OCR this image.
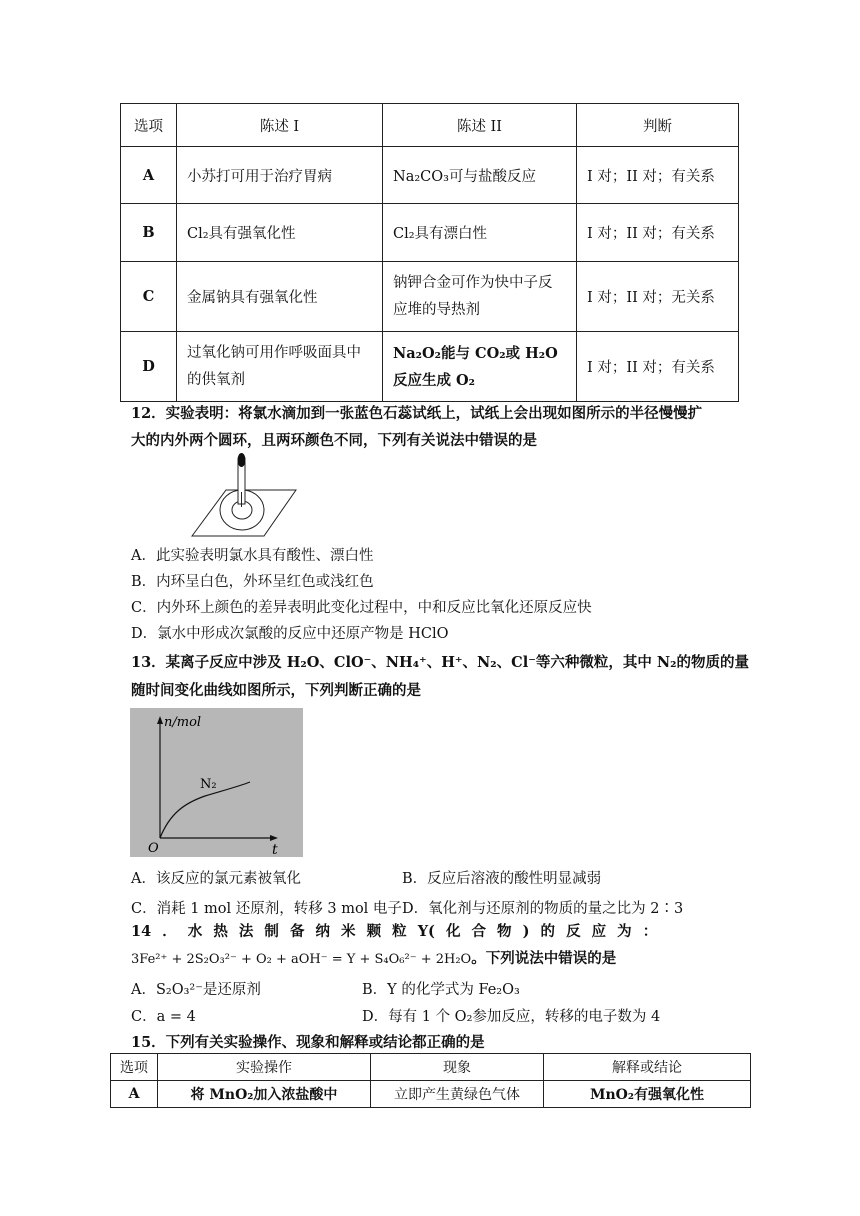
选项	陈述 I	陈述 II	判断
A	小苏打可用于治疗胃病	Na₂CO₃可与盐酸反应	I 对；II 对；有关系
B	Cl₂具有强氧化性	Cl₂具有漂白性	I 对；II 对；有关系
C	金属钠具有强氧化性	钠钾合金可作为快中子反应堆的导热剂	I 对；II 对；无关系
D	过氧化钠可用作呼吸面具中的供氧剂	Na₂O₂能与 CO₂或 H₂O 反应生成 O₂	I 对；II 对；有关系
12．实验表明：将氯水滴加到一张蓝色石蕊试纸上，试纸上会出现如图所示的半径慢慢扩
大的内外两个圆环，且两环颜色不同，下列有关说法中错误的是
A．此实验表明氯水具有酸性、漂白性
B．内环呈白色，外环呈红色或浅红色
C．内外环上颜色的差异表明此变化过程中，中和反应比氧化还原反应快
D．氯水中形成次氯酸的反应中还原产物是 HClO
13．某离子反应中涉及 H₂O、ClO⁻、NH₄⁺、H⁺、N₂、Cl⁻等六种微粒，其中 N₂的物质的量
随时间变化曲线如图所示，下列判断正确的是
n/mol
t
O
N₂
A．该反应的氯元素被氧化	B．反应后溶液的酸性明显减弱
C．消耗 1 mol 还原剂，转移 3 mol 电子 D．氧化剂与还原剂的物质的量之比为 2∶3
14 ． 水 热 法 制 备 纳 米 颗 粒 Y( 化 合 物 ) 的 反 应 为 ：
3Fe²⁺ + 2S₂O₃²⁻ + O₂ + aOH⁻ = Y + S₄O₆²⁻ + 2H₂O。下列说法中错误的是
A．S₂O₃²⁻是还原剂	B．Y 的化学式为 Fe₂O₃
C．a = 4	D．每有 1 个 O₂参加反应，转移的电子数为 4
15．下列有关实验操作、现象和解释或结论都正确的是
选项	实验操作	现象	解释或结论
A	将 MnO₂加入浓盐酸中	立即产生黄绿色气体	MnO₂有强氧化性
